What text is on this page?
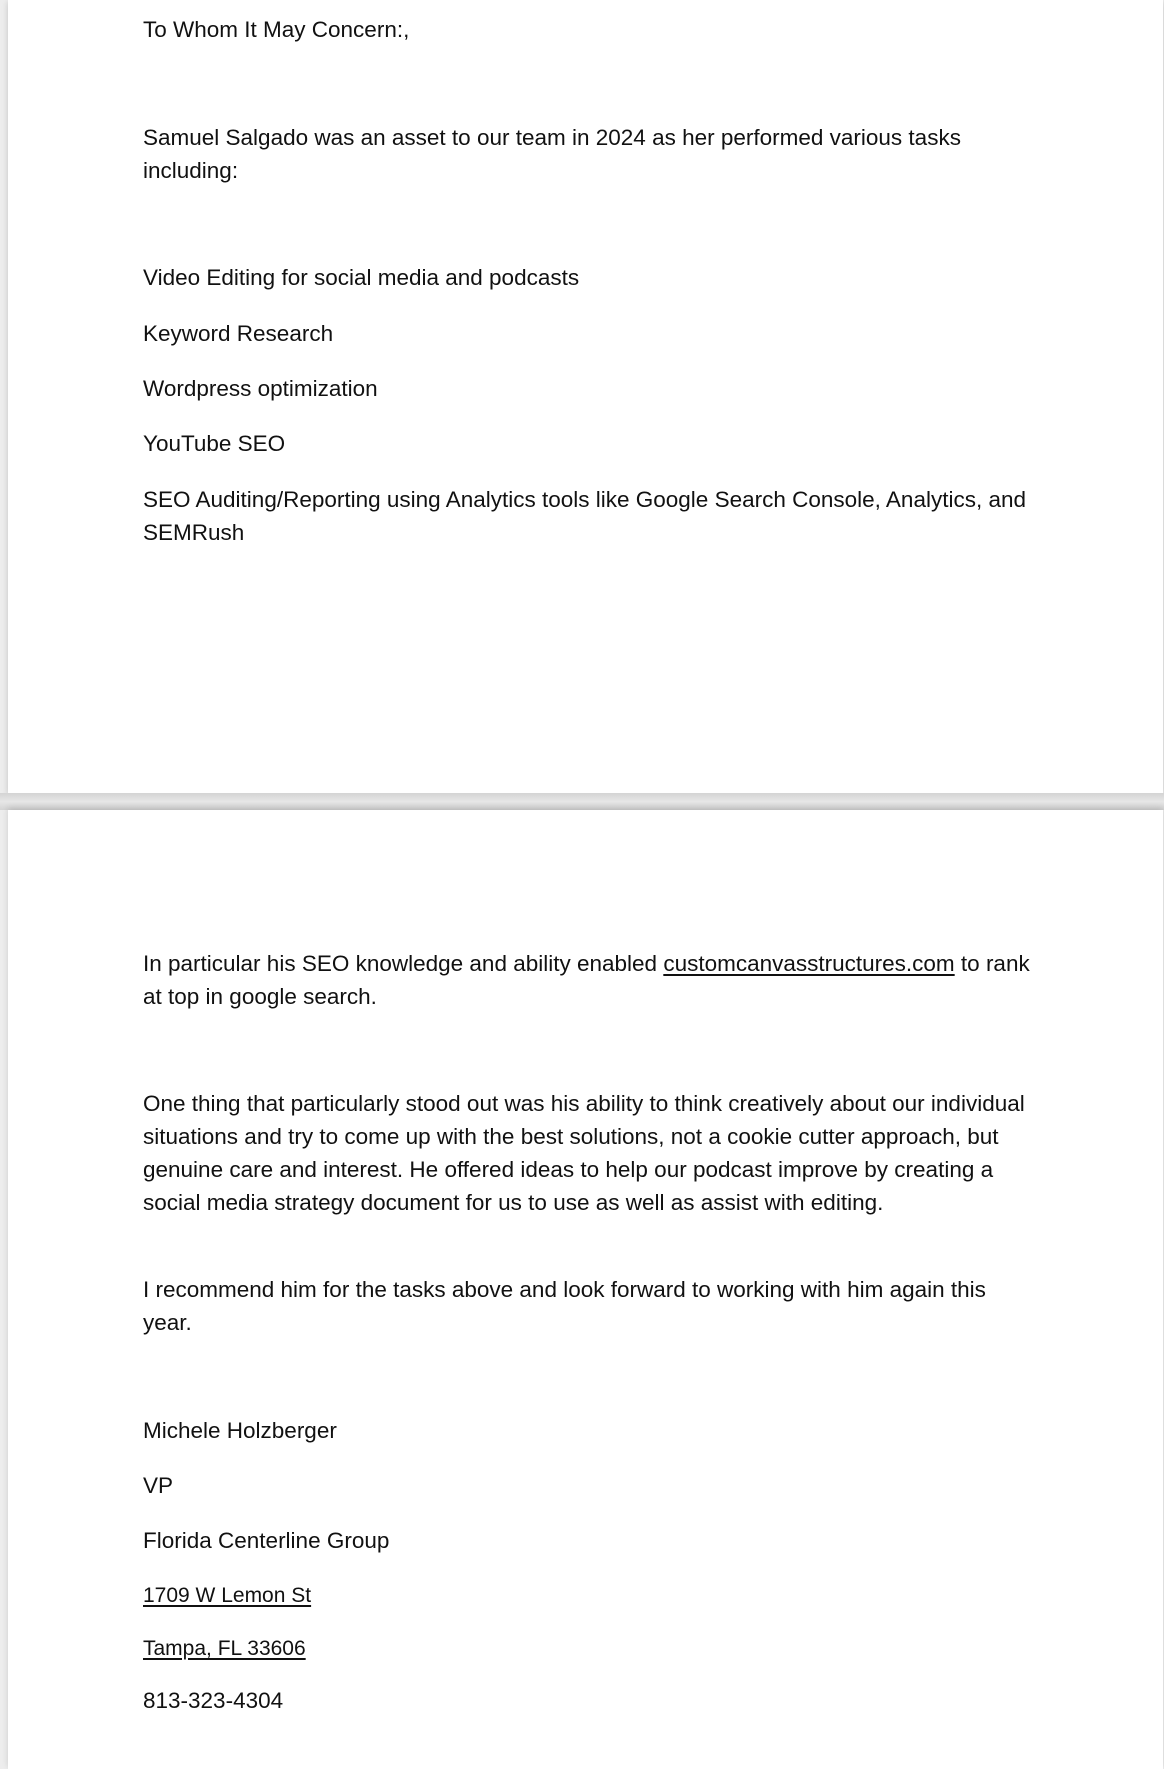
To Whom It May Concern:,

Samuel Salgado was an asset to our team in 2024 as her performed various tasks including:

Video Editing for social media and podcasts

Keyword Research

Wordpress optimization

YouTube SEO

SEO Auditing/Reporting using Analytics tools like Google Search Console, Analytics, and SEMRush

In particular his SEO knowledge and ability enabled customcanvasstructures.com to rank at top in google search.

One thing that particularly stood out was his ability to think creatively about our individual situations and try to come up with the best solutions, not a cookie cutter approach, but genuine care and interest. He offered ideas to help our podcast improve by creating a social media strategy document for us to use as well as assist with editing.

I recommend him for the tasks above and look forward to working with him again this year.

Michele Holzberger

VP

Florida Centerline Group

1709 W Lemon St

Tampa, FL 33606

813-323-4304
